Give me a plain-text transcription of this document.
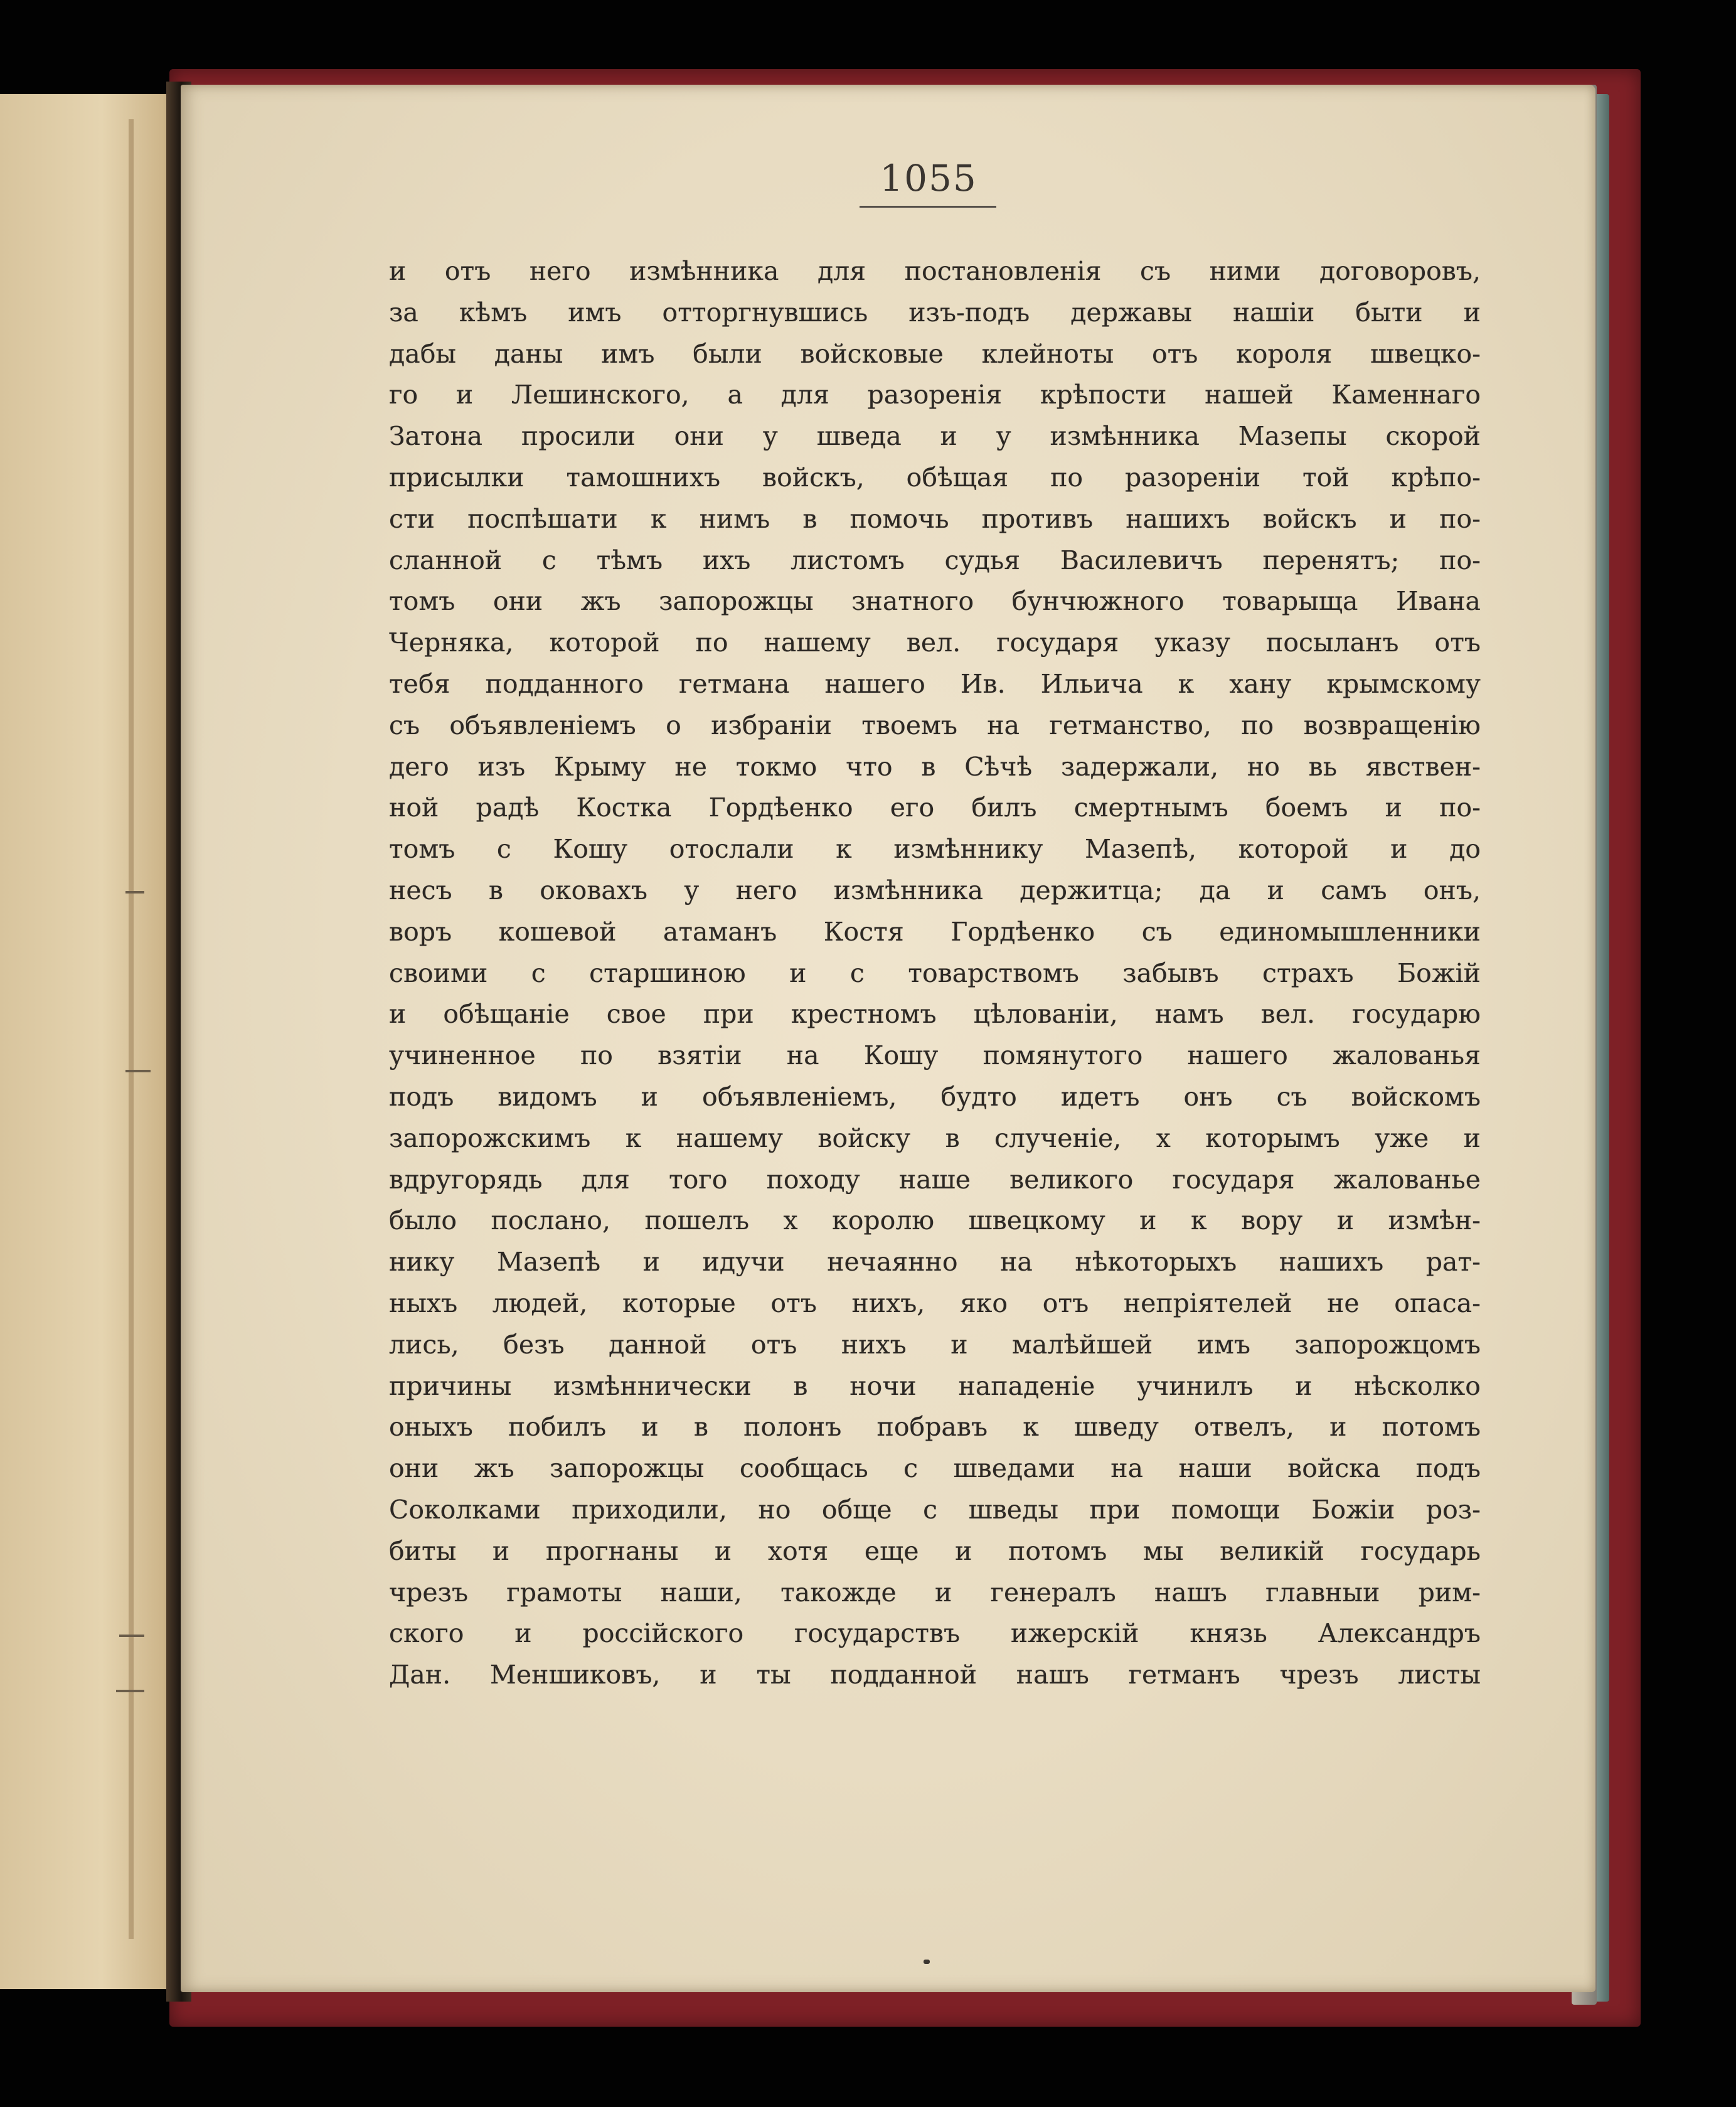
1055
и отъ него измѣнника для постановленія съ ними договоровъ,
за кѣмъ имъ отторгнувшись изъ-подъ державы нашіи быти и
дабы даны имъ были войсковые клейноты отъ короля швецко-
го и Лешинского, а для разоренія крѣпости нашей Каменнаго
Затона просили они у шведа и у измѣнника Мазепы скорой
присылки тамошнихъ войскъ, обѣщая по разореніи той крѣпо-
сти поспѣшати к нимъ в помочь противъ нашихъ войскъ и по-
сланной с тѣмъ ихъ листомъ судья Василевичъ перенятъ; по-
томъ они жъ запорожцы знатного бунчюжного товарыща Ивана
Черняка, которой по нашему вел. государя указу посыланъ отъ
тебя подданного гетмана нашего Ив. Ильича к хану крымскому
съ объявленіемъ о избраніи твоемъ на гетманство, по возвращенію
дего изъ Крыму не токмо что в Сѣчѣ задержали, но вь явствен-
ной радѣ Костка Гордѣенко его билъ смертнымъ боемъ и по-
томъ с Кошу отослали к измѣннику Мазепѣ, которой и до
несъ в оковахъ у него измѣнника держитца; да и самъ онъ,
воръ кошевой атаманъ Костя Гордѣенко съ единомышленники
своими с старшиною и с товарствомъ забывъ страхъ Божій
и обѣщаніе свое при крестномъ цѣлованіи, намъ вел. государю
учиненное по взятіи на Кошу помянутого нашего жалованья
подъ видомъ и объявленіемъ, будто идетъ онъ съ войскомъ
запорожскимъ к нашему войску в слученіе, х которымъ уже и
вдругорядь для того походу наше великого государя жалованье
было послано, пошелъ х королю швецкому и к вору и измѣн-
нику Мазепѣ и идучи нечаянно на нѣкоторыхъ нашихъ рат-
ныхъ людей, которые отъ нихъ, яко отъ непріятелей не опаса-
лись, безъ данной отъ нихъ и малѣйшей имъ запорожцомъ
причины измѣннически в ночи нападеніе учинилъ и нѣсколко
оныхъ побилъ и в полонъ побравъ к шведу отвелъ, и потомъ
они жъ запорожцы сообщась с шведами на наши войска подъ
Соколками приходили, но обще с шведы при помощи Божіи роз-
биты и прогнаны и хотя еще и потомъ мы великій государь
чрезъ грамоты наши, такожде и генералъ нашъ главныи рим-
ского и россійского государствъ ижерскій князь Александръ
Дан. Меншиковъ, и ты подданной нашъ гетманъ чрезъ листы
